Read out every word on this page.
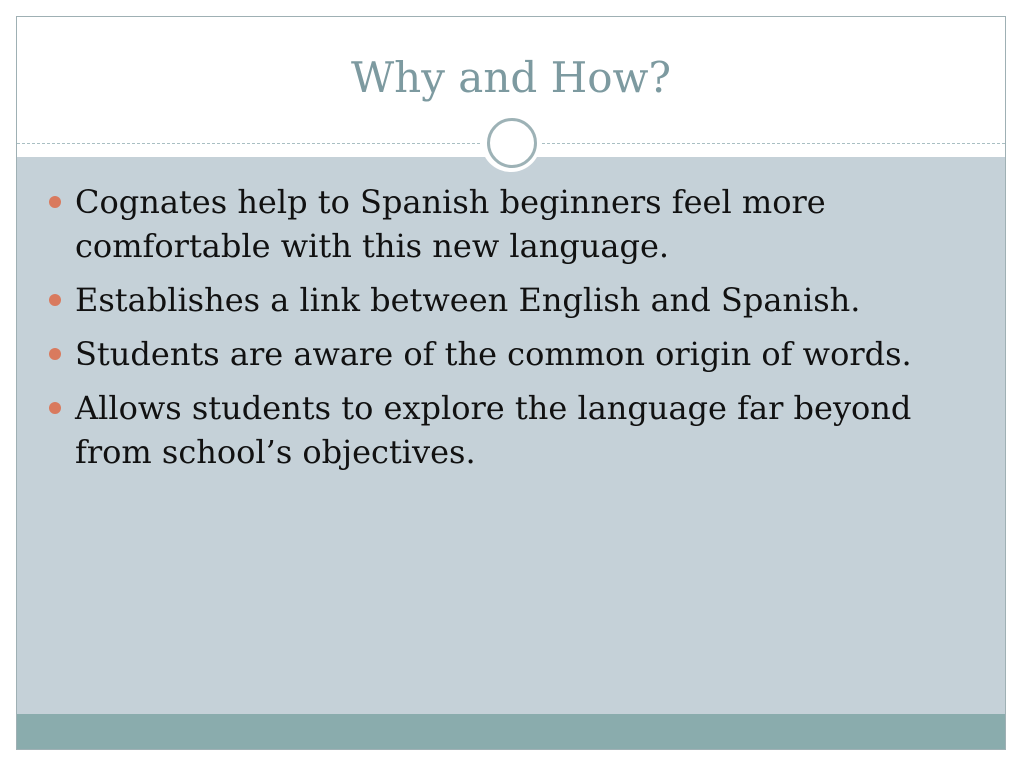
Why and How?
Cognates help to Spanish beginners feel more comfortable with this new language.
Establishes a link between English and Spanish.
Students are aware of the common origin of words.
Allows students to explore the language far beyond from school’s objectives.
